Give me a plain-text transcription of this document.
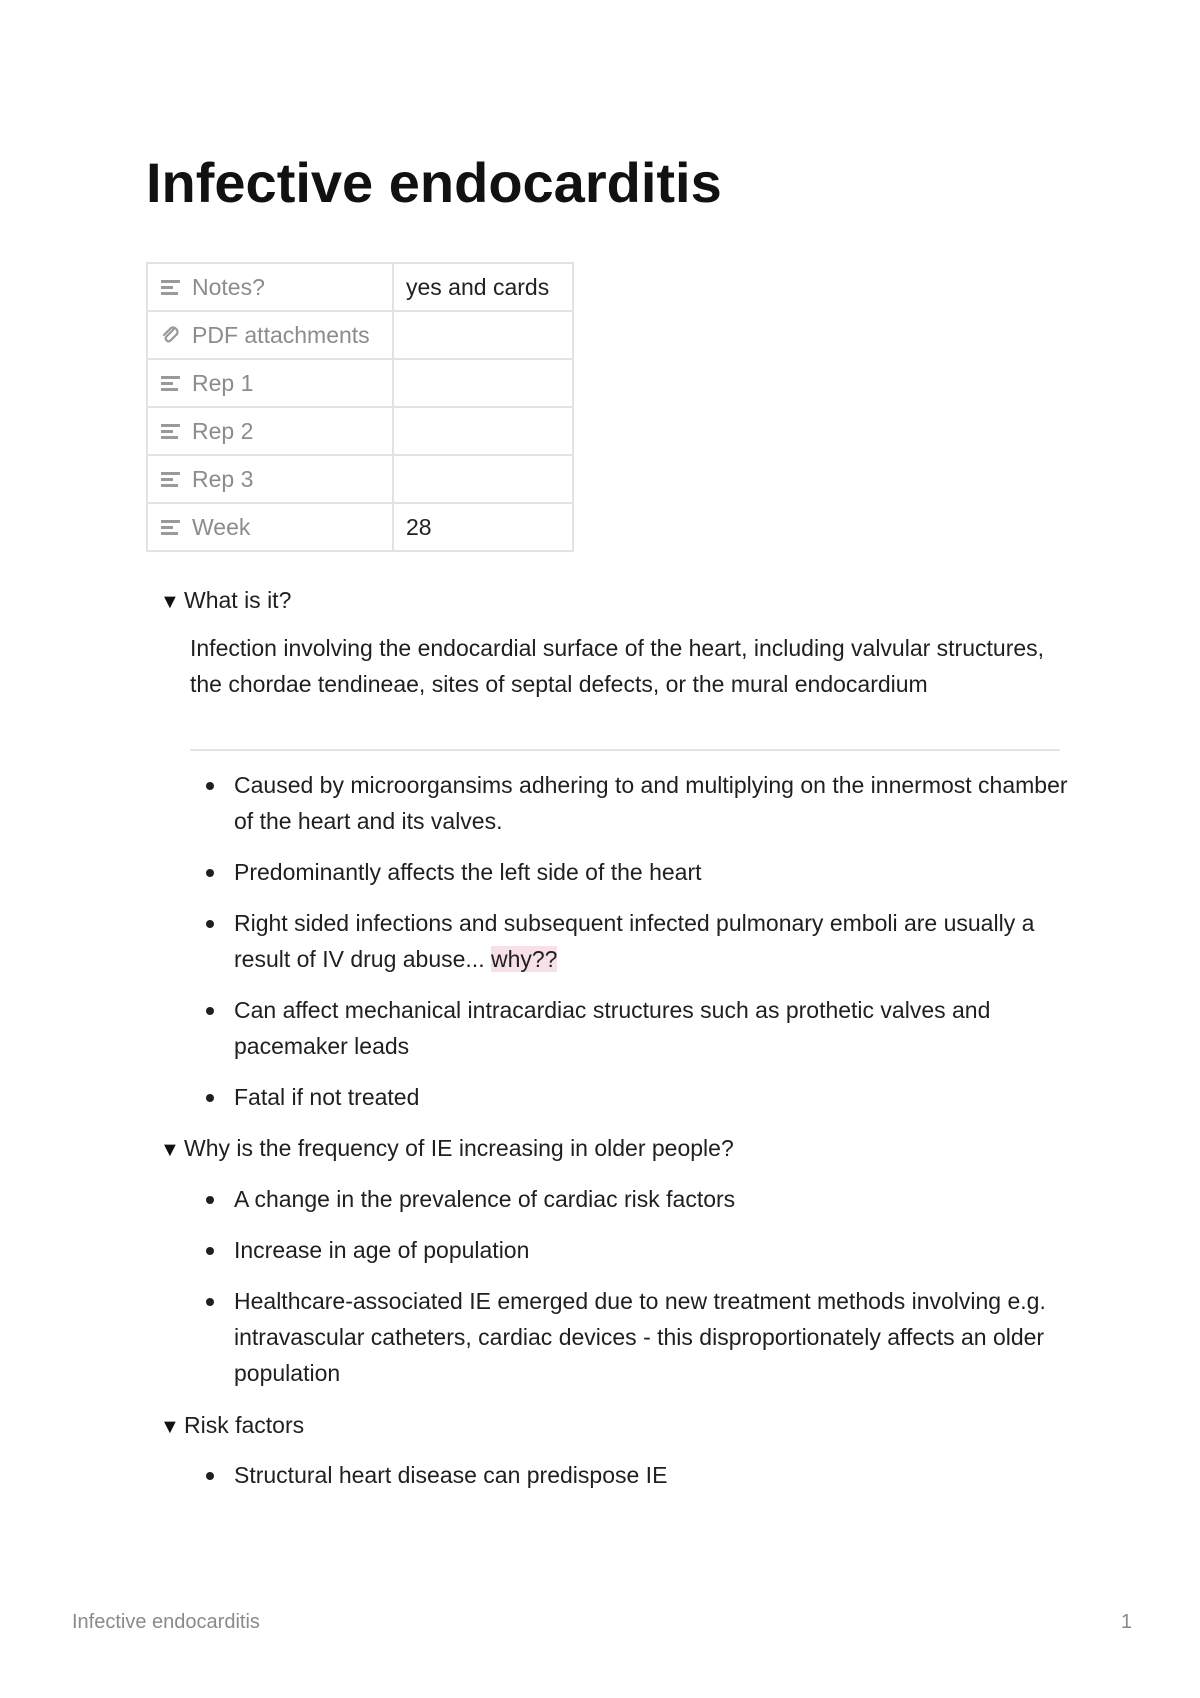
Infective endocarditis
Notes?	yes and cards
PDF attachments	
Rep 1	
Rep 2	
Rep 3	
Week	28
▼ What is it?

Infection involving the endocardial surface of the heart, including valvular structures, the chordae tendineae, sites of septal defects, or the mural endocardium

Caused by microorgansims adhering to and multiplying on the innermost chamber of the heart and its valves.
Predominantly affects the left side of the heart
Right sided infections and subsequent infected pulmonary emboli are usually a result of IV drug abuse... why??
Can affect mechanical intracardiac structures such as prothetic valves and pacemaker leads
Fatal if not treated
▼ Why is the frequency of IE increasing in older people?
A change in the prevalence of cardiac risk factors
Increase in age of population
Healthcare-associated IE emerged due to new treatment methods involving e.g. intravascular catheters, cardiac devices - this disproportionately affects an older population
▼ Risk factors
Structural heart disease can predispose IE
Infective endocarditis	1
